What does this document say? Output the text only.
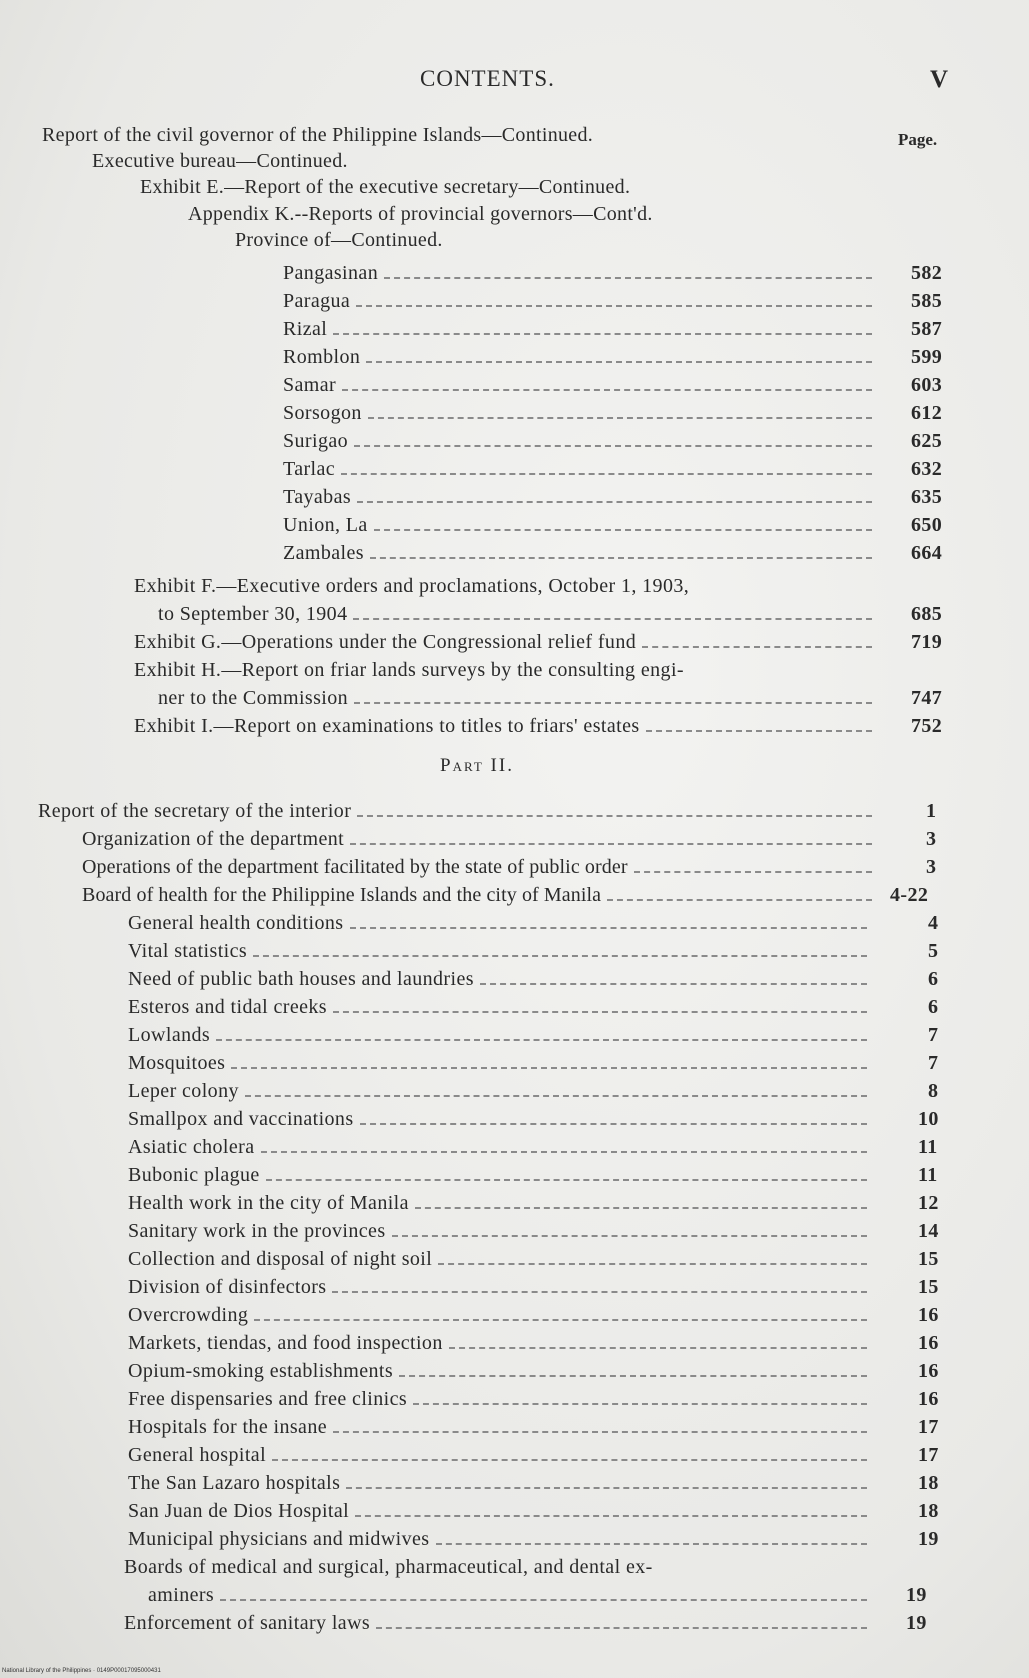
CONTENTS.	V
Report of the civil governor of the Philippine Islands—Continued.	Page.
Executive bureau—Continued.
Exhibit E.—Report of the executive secretary—Continued.
Appendix K.--Reports of provincial governors—Cont'd.
Province of—Continued.
Pangasinan	582
Paragua	585
Rizal	587
Romblon	599
Samar	603
Sorsogon	612
Surigao	625
Tarlac	632
Tayabas	635
Union, La	650
Zambales	664
Exhibit F.—Executive orders and proclamations, October 1, 1903,
to September 30, 1904	685
Exhibit G.—Operations under the Congressional relief fund	719
Exhibit H.—Report on friar lands surveys by the consulting engi-
ner to the Commission	747
Exhibit I.—Report on examinations to titles to friars' estates	752
Part II.
Report of the secretary of the interior	1
Organization of the department	3
Operations of the department facilitated by the state of public order	3
Board of health for the Philippine Islands and the city of Manila	4-22
General health conditions	4
Vital statistics	5
Need of public bath houses and laundries	6
Esteros and tidal creeks	6
Lowlands	7
Mosquitoes	7
Leper colony	8
Smallpox and vaccinations	10
Asiatic cholera	11
Bubonic plague	11
Health work in the city of Manila	12
Sanitary work in the provinces	14
Collection and disposal of night soil	15
Division of disinfectors	15
Overcrowding	16
Markets, tiendas, and food inspection	16
Opium-smoking establishments	16
Free dispensaries and free clinics	16
Hospitals for the insane	17
General hospital	17
The San Lazaro hospitals	18
San Juan de Dios Hospital	18
Municipal physicians and midwives	19
Boards of medical and surgical, pharmaceutical, and dental ex-
aminers	19
Enforcement of sanitary laws	19
National Library of the Philippines · 0149P00017095000431
